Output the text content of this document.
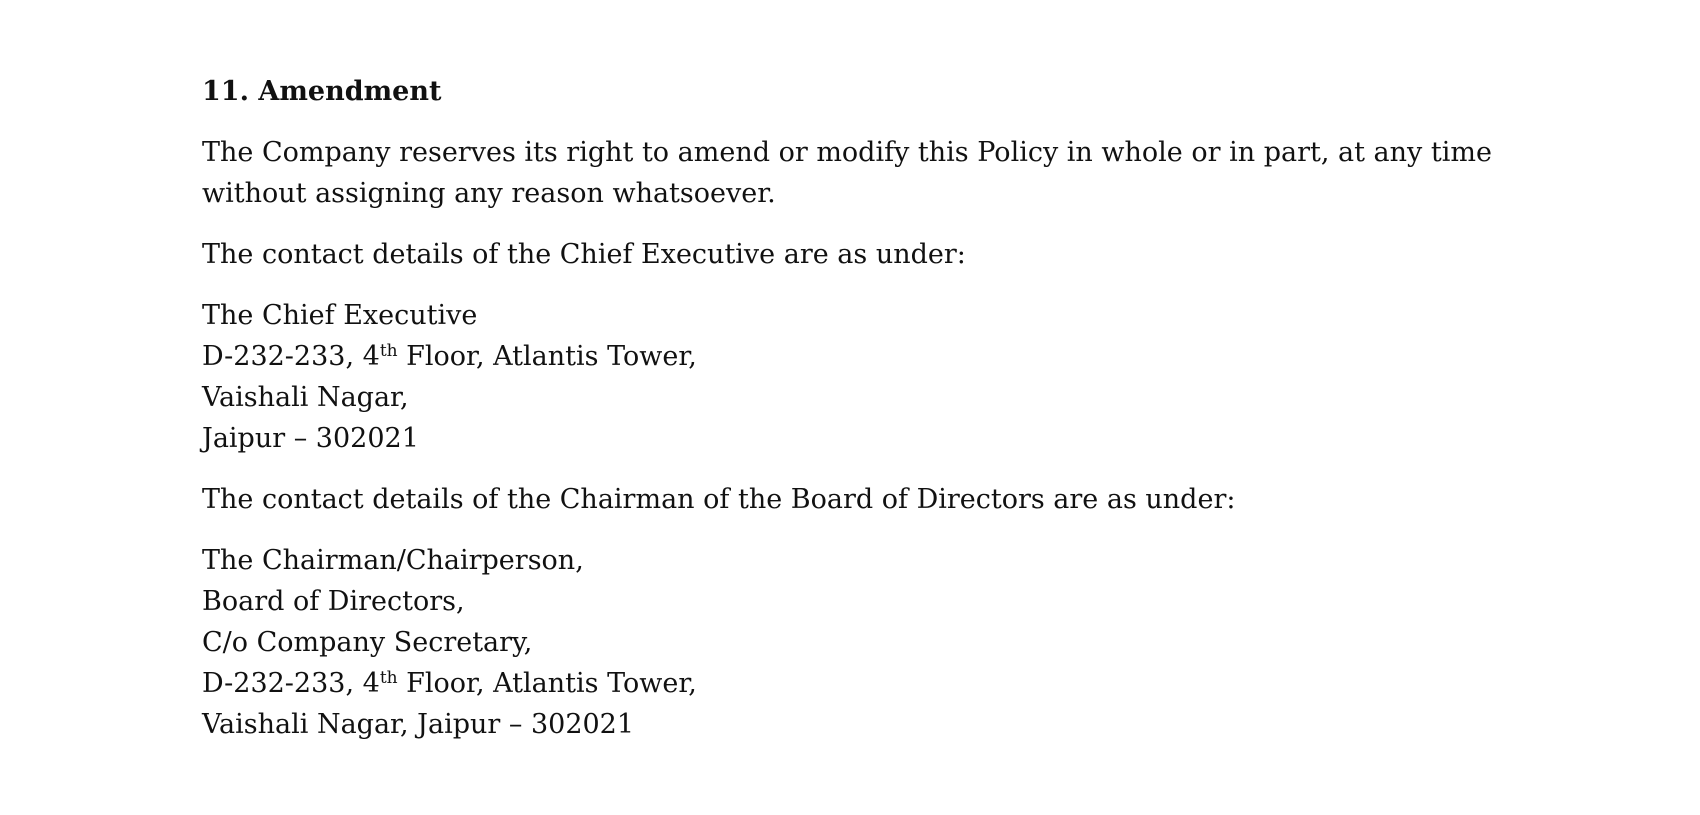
11. Amendment
The Company reserves its right to amend or modify this Policy in whole or in part, at any time without assigning any reason whatsoever.
The contact details of the Chief Executive are as under:
The Chief Executive
D-232-233, 4th Floor, Atlantis Tower,
Vaishali Nagar,
Jaipur – 302021
The contact details of the Chairman of the Board of Directors are as under:
The Chairman/Chairperson,
Board of Directors,
C/o Company Secretary,
D-232-233, 4th Floor, Atlantis Tower,
Vaishali Nagar, Jaipur – 302021
